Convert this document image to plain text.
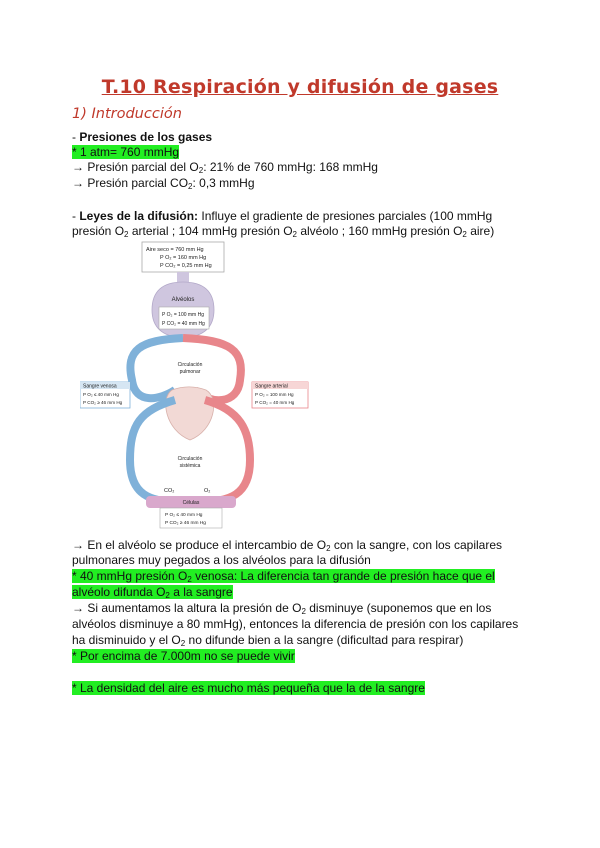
T.10 Respiración y difusión de gases
1) Introducción
- Presiones de los gases
* 1 atm= 760 mmHg
→ Presión parcial del $O_2$: 21% de 760 mmHg: 168 mmHg
→ Presión parcial $CO_2$: 0,3 mmHg
- Leyes de la difusión: Influye el gradiente de presiones parciales (100 mmHg
presión $O_2$ arterial ; 104 mmHg presión $O_2$ alvéolo ; 160 mmHg presión $O_2$ aire)
Aire seco = 760 mm Hg
P O₂ = 160 mm Hg
P CO₂ = 0,25 mm Hg
Alvéolos
P O₂ = 100 mm Hg
P CO₂ = 40 mm Hg
Circulación
pulmonar
Circulación
sistémica
Sangre venosa
P O₂ ≤ 40 mm Hg
P CO₂ ≥ 46 mm Hg
Sangre arterial
P O₂ = 100 mm Hg
P CO₂ = 40 mm Hg
CO₂	O₂
Células
P O₂ ≤ 40 mm Hg
P CO₂ ≥ 46 mm Hg
→ En el alvéolo se produce el intercambio de $O_2$ con la sangre, con los capilares
pulmonares muy pegados a los alvéolos para la difusión
* 40 mmHg presión $O_2$ venosa: La diferencia tan grande de presión hace que el
alvéolo difunda $O_2$ a la sangre
→ Si aumentamos la altura la presión de $O_2$ disminuye (suponemos que en los
alvéolos disminuye a 80 mmHg), entonces la diferencia de presión con los capilares
ha disminuido y el $O_2$ no difunde bien a la sangre (dificultad para respirar)
* Por encima de 7.000m no se puede vivir
* La densidad del aire es mucho más pequeña que la de la sangre
